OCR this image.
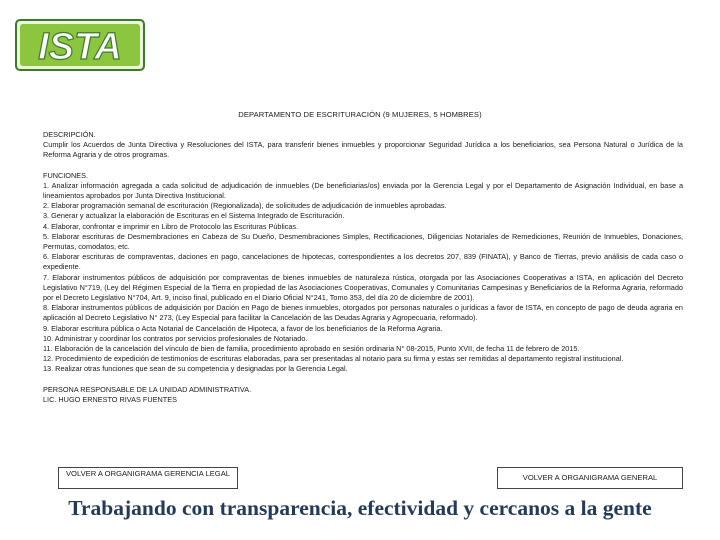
ISTA
DEPARTAMENTO DE ESCRITURACIÓN (9 MUJERES, 5 HOMBRES)

DESCRIPCIÓN.

Cumplir los Acuerdos de Junta Directiva y Resoluciones del ISTA, para transferir bienes inmuebles y proporcionar Seguridad Jurídica a los beneficiarios, sea Persona Natural o Jurídica de la Reforma Agraria y de otros programas.

FUNCIONES.

1. Analizar información agregada a cada solicitud de adjudicación de inmuebles (De beneficiarias/os) enviada por la Gerencia Legal y por el Departamento de Asignación Individual, en base a lineamientos aprobados por Junta Directiva Institucional.

2. Elaborar programación semanal de escrituración (Regionalizada), de solicitudes de adjudicación de inmuebles aprobadas.

3. Generar y actualizar la elaboración de Escrituras en el Sistema Integrado de Escrituración.

4. Elaborar, confrontar e imprimir en Libro de Protocolo las Escrituras Públicas.

5. Elaborar escrituras de Desmembraciones en Cabeza de Su Dueño, Desmembraciones Simples, Rectificaciones, Diligencias Notariales de Remediciones, Reunión de Inmuebles, Donaciones, Permutas, comodatos, etc.

6. Elaborar escrituras de compraventas, daciones en pago, cancelaciones de hipotecas, correspondientes a los decretos 207, 839 (FINATA), y Banco de Tierras, previo análisis de cada caso o expediente.

7. Elaborar instrumentos públicos de adquisición por compraventas de bienes inmuebles de naturaleza rústica, otorgada por las Asociaciones Cooperativas a ISTA, en aplicación del Decreto Legislativo N°719, (Ley del Régimen Especial de la Tierra en propiedad de las Asociaciones Cooperativas, Comunales y Comunitarias Campesinas y Beneficiarios de la Reforma Agraria, reformado por el Decreto Legislativo N°704, Art. 9, inciso final, publicado en el Diario Oficial N°241, Tomo 353, del día 20 de diciembre de 2001).

8. Elaborar instrumentos públicos de adquisición por Dación en Pago de bienes inmuebles, otorgados por personas naturales o jurídicas a favor de ISTA, en concepto de pago de deuda agraria en aplicación al Decreto Legislativo N° 273, (Ley Especial para facilitar la Cancelación de las Deudas Agraria y Agropecuaria, reformado).

9. Elaborar escritura pública o Acta Notarial de Cancelación de Hipoteca, a favor de los beneficiarios de la Reforma Agraria.

10. Administrar y coordinar los contratos por servicios profesionales de Notariado.

11. Elaboración de la cancelación del vínculo de bien de familia, procedimiento aprobado en sesión ordinaria N° 08-2015, Punto XVII, de fecha 11 de febrero de 2015.

12. Procedimiento de expedición de testimonios de escrituras elaboradas, para ser presentadas al notario para su firma y estas ser remitidas al departamento registral institucional.

13. Realizar otras funciones que sean de su competencia y designadas por la Gerencia Legal.

PERSONA RESPONSABLE DE LA UNIDAD ADMINISTRATIVA.

LIC. HUGO ERNESTO RIVAS FUENTES

VOLVER A ORGANIGRAMA GERENCIA LEGAL	VOLVER A ORGANIGRAMA GENERAL
Trabajando con transparencia, efectividad y cercanos a la gente
